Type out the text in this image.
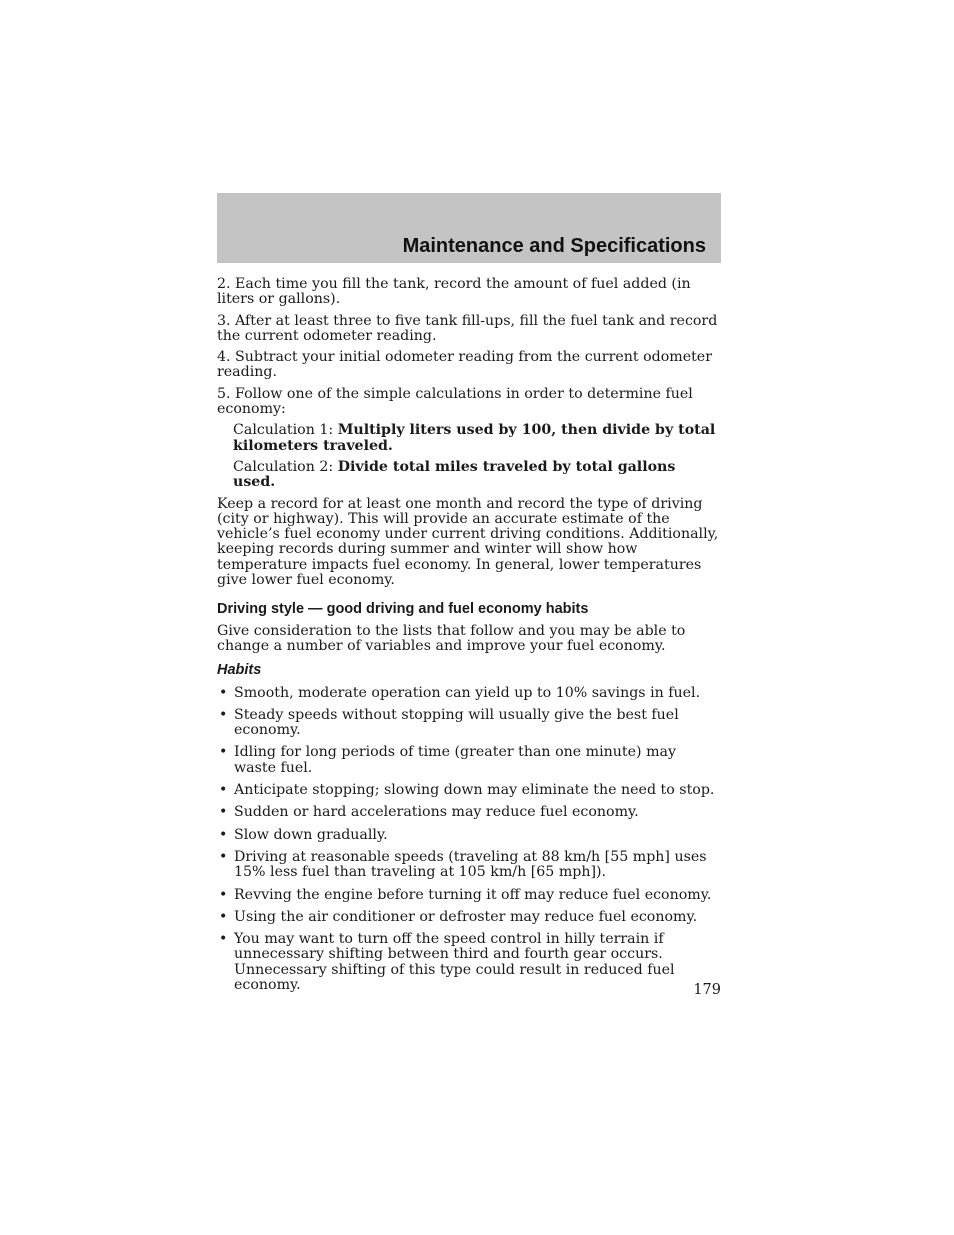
Maintenance and Specifications

2. Each time you fill the tank, record the amount of fuel added (in liters or gallons).

3. After at least three to five tank fill-ups, fill the fuel tank and record the current odometer reading.

4. Subtract your initial odometer reading from the current odometer reading.

5. Follow one of the simple calculations in order to determine fuel economy:

Calculation 1: Multiply liters used by 100, then divide by total kilometers traveled.

Calculation 2: Divide total miles traveled by total gallons used.

Keep a record for at least one month and record the type of driving (city or highway). This will provide an accurate estimate of the vehicle’s fuel economy under current driving conditions. Additionally, keeping records during summer and winter will show how temperature impacts fuel economy. In general, lower temperatures give lower fuel economy.

Driving style — good driving and fuel economy habits

Give consideration to the lists that follow and you may be able to change a number of variables and improve your fuel economy.

Habits
• Smooth, moderate operation can yield up to 10% savings in fuel.
• Steady speeds without stopping will usually give the best fuel economy.
• Idling for long periods of time (greater than one minute) may waste fuel.
• Anticipate stopping; slowing down may eliminate the need to stop.
• Sudden or hard accelerations may reduce fuel economy.
• Slow down gradually.
• Driving at reasonable speeds (traveling at 88 km/h [55 mph] uses 15% less fuel than traveling at 105 km/h [65 mph]).
• Revving the engine before turning it off may reduce fuel economy.
• Using the air conditioner or defroster may reduce fuel economy.
• You may want to turn off the speed control in hilly terrain if unnecessary shifting between third and fourth gear occurs. Unnecessary shifting of this type could result in reduced fuel economy.	179
